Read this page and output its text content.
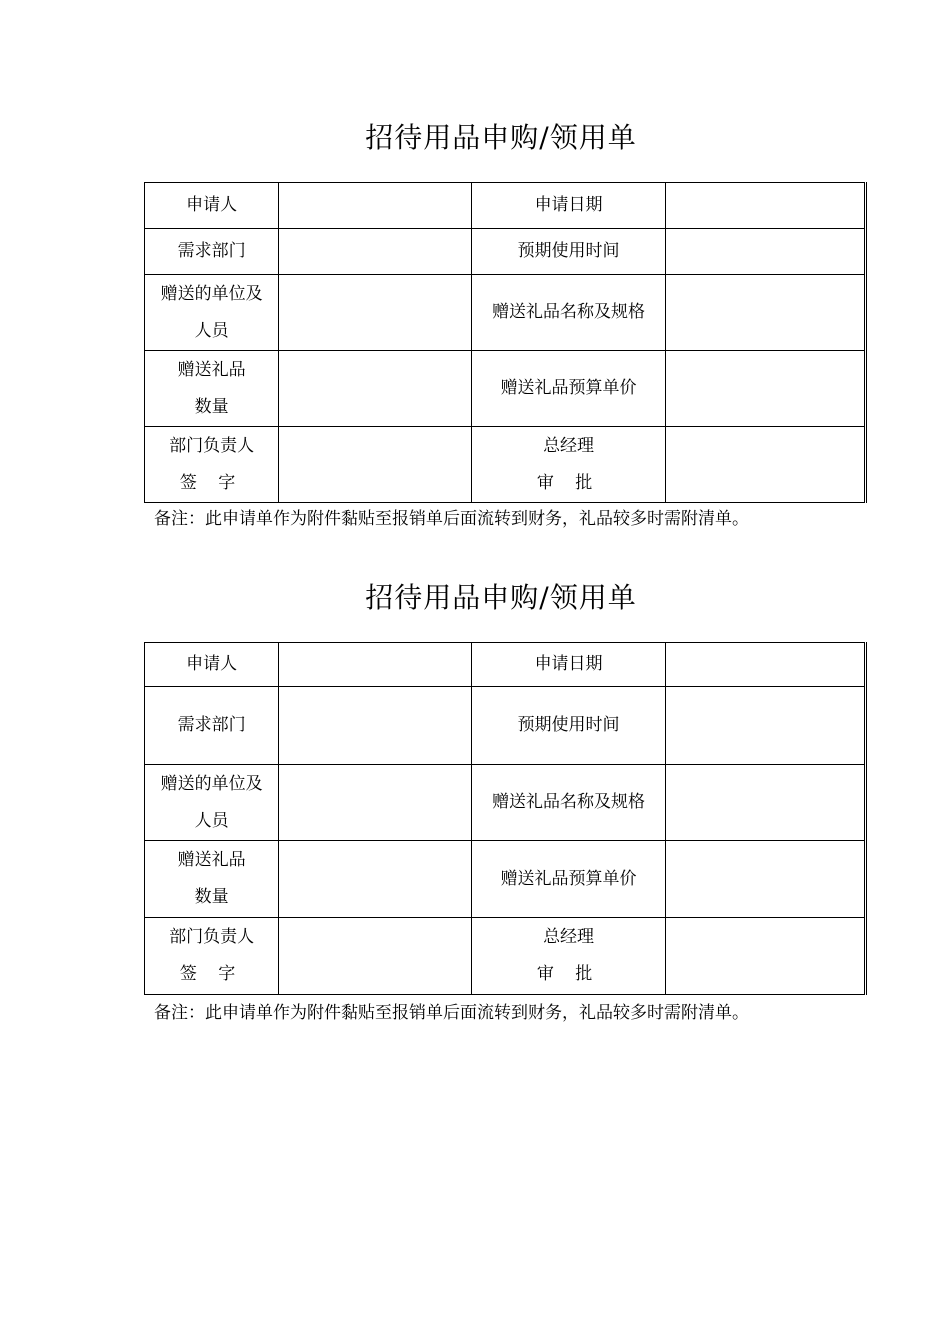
招待用品申购/领用单
申请人		申请日期	

需求部门		预期使用时间	

赠送的单位及
人员		赠送礼品名称及规格	

赠送礼品
数量		赠送礼品预算单价	

部门负责人
签 字		总经理
审 批	

备注：此申请单作为附件黏贴至报销单后面流转到财务，礼品较多时需附清单。
招待用品申购/领用单
申请人		申请日期	

需求部门		预期使用时间	

赠送的单位及
人员		赠送礼品名称及规格	

赠送礼品
数量		赠送礼品预算单价	

部门负责人
签 字		总经理
审 批	

备注：此申请单作为附件黏贴至报销单后面流转到财务，礼品较多时需附清单。
